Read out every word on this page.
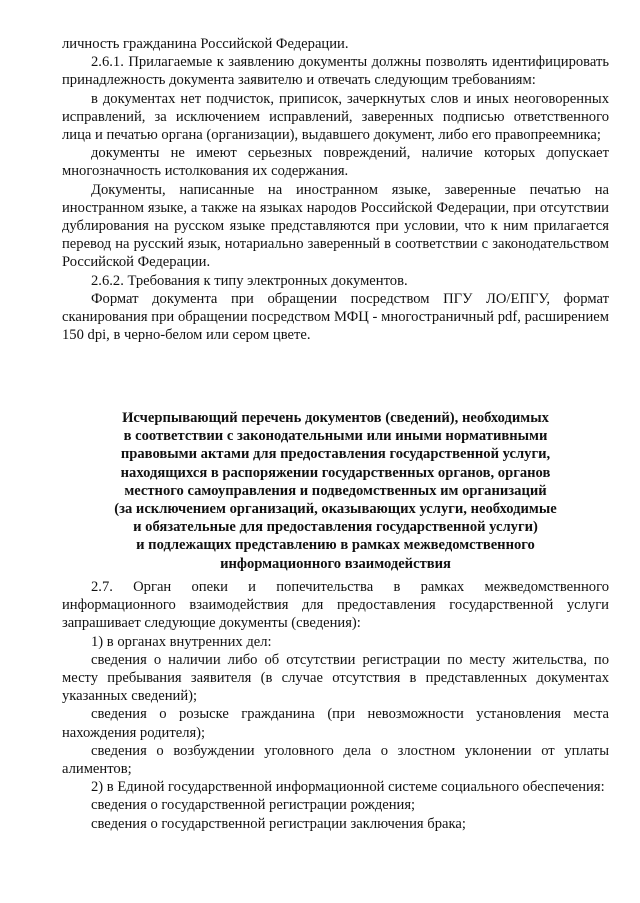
личность гражданина Российской Федерации.

2.6.1. Прилагаемые к заявлению документы должны позволять идентифицировать принадлежность документа заявителю и отвечать следующим требованиям:

в документах нет подчисток, приписок, зачеркнутых слов и иных неоговоренных исправлений, за исключением исправлений, заверенных подписью ответственного лица и печатью органа (организации), выдавшего документ, либо его правопреемника;

документы не имеют серьезных повреждений, наличие которых допускает многозначность истолкования их содержания.

Документы, написанные на иностранном языке, заверенные печатью на иностранном языке, а также на языках народов Российской Федерации, при отсутствии дублирования на русском языке представляются при условии, что к ним прилагается перевод на русский язык, нотариально заверенный в соответствии с законодательством Российской Федерации.

2.6.2. Требования к типу электронных документов.

Формат документа при обращении посредством ПГУ ЛО/ЕПГУ, формат сканирования при обращении посредством МФЦ - многостраничный pdf, расширением 150 dpi, в черно-белом или сером цвете.

Исчерпывающий перечень документов (сведений), необходимых
в соответствии с законодательными или иными нормативными
правовыми актами для предоставления государственной услуги,
находящихся в распоряжении государственных органов, органов
местного самоуправления и подведомственных им организаций
(за исключением организаций, оказывающих услуги, необходимые
и обязательные для предоставления государственной услуги)
и подлежащих представлению в рамках межведомственного
информационного взаимодействия

2.7. Орган опеки и попечительства в рамках межведомственного информационного взаимодействия для предоставления государственной услуги запрашивает следующие документы (сведения):

1) в органах внутренних дел:

сведения о наличии либо об отсутствии регистрации по месту жительства, по месту пребывания заявителя (в случае отсутствия в представленных документах указанных сведений);

сведения о розыске гражданина (при невозможности установления места нахождения родителя);

сведения о возбуждении уголовного дела о злостном уклонении от уплаты алиментов;

2) в Единой государственной информационной системе социального обеспечения:

сведения о государственной регистрации рождения;

сведения о государственной регистрации заключения брака;
